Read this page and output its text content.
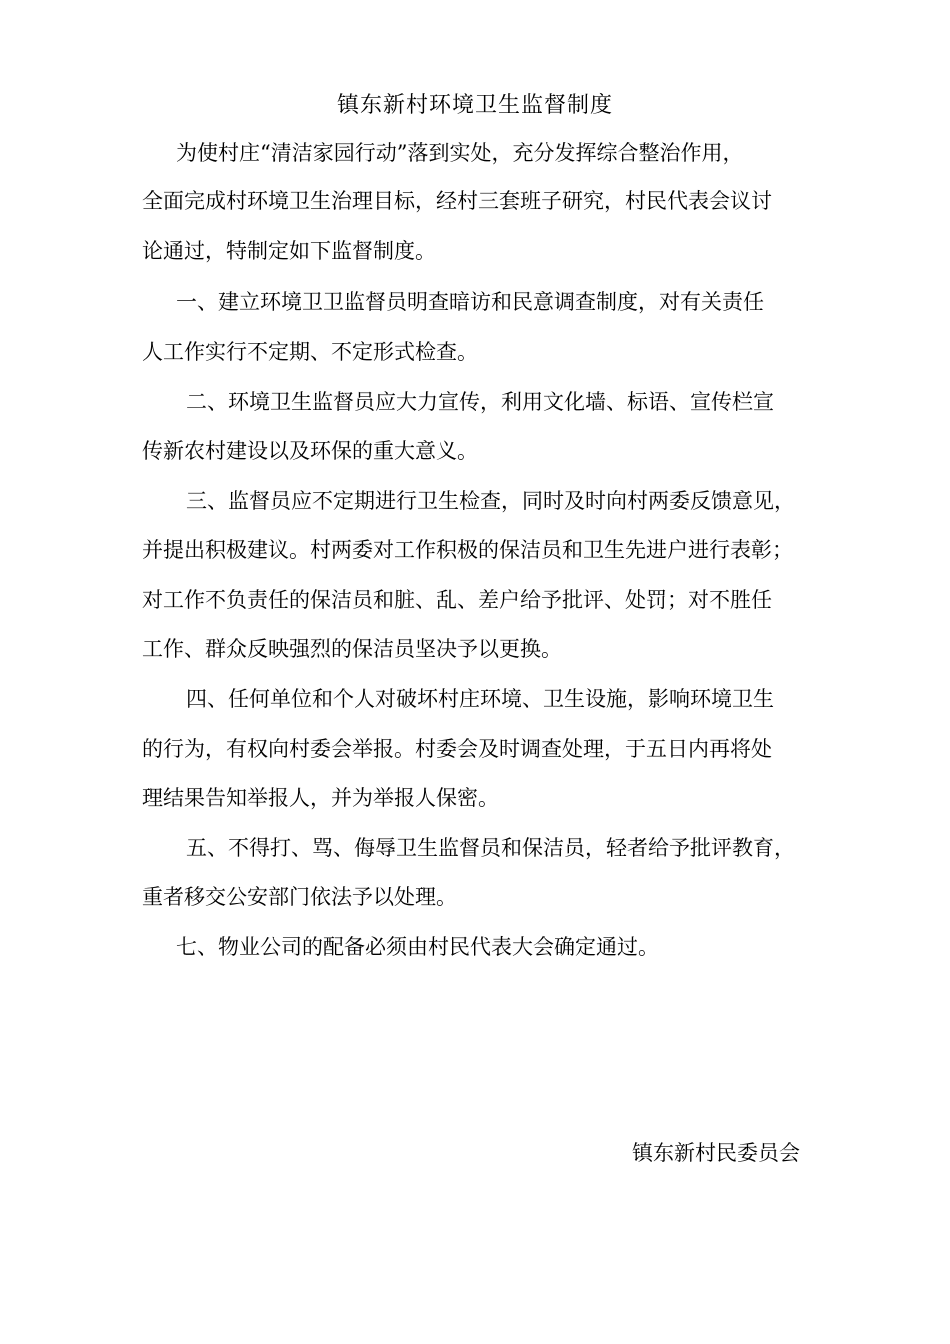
镇东新村环境卫生监督制度
为使村庄“清洁家园行动”落到实处，充分发挥综合整治作用，
全面完成村环境卫生治理目标，经村三套班子研究，村民代表会议讨
论通过，特制定如下监督制度。
一、建立环境卫卫监督员明查暗访和民意调查制度，对有关责任
人工作实行不定期、不定形式检查。
二、环境卫生监督员应大力宣传，利用文化墙、标语、宣传栏宣
传新农村建设以及环保的重大意义。
三、监督员应不定期进行卫生检查，同时及时向村两委反馈意见，
并提出积极建议。村两委对工作积极的保洁员和卫生先进户进行表彰；
对工作不负责任的保洁员和脏、乱、差户给予批评、处罚；对不胜任
工作、群众反映强烈的保洁员坚决予以更换。
四、任何单位和个人对破坏村庄环境、卫生设施，影响环境卫生
的行为，有权向村委会举报。村委会及时调查处理，于五日内再将处
理结果告知举报人，并为举报人保密。
五、不得打、骂、侮辱卫生监督员和保洁员，轻者给予批评教育，
重者移交公安部门依法予以处理。
七、物业公司的配备必须由村民代表大会确定通过。
镇东新村民委员会
